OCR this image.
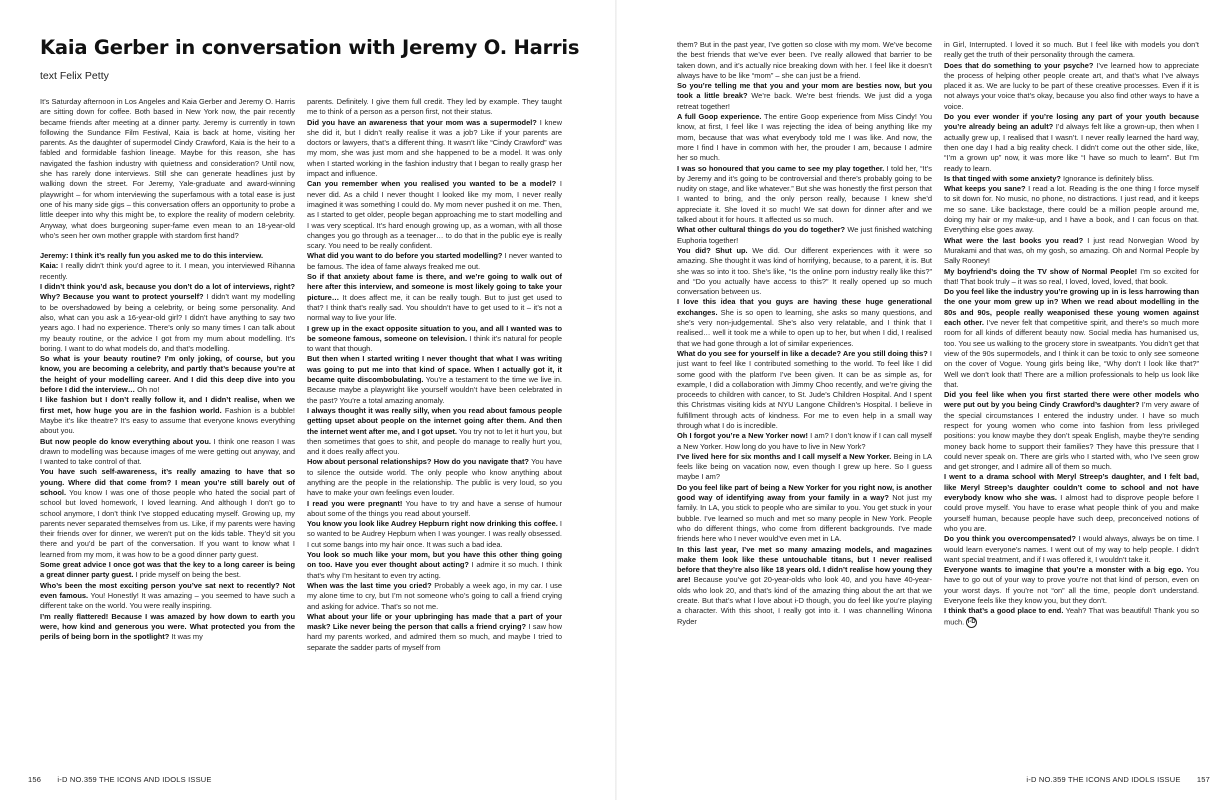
Kaia Gerber in conversation with Jeremy O. Harris
text Felix Petty

It’s Saturday afternoon in Los Angeles and Kaia Gerber and Jeremy O. Harris are sitting down for coffee. Both based in New York now, the pair recently became friends after meeting at a dinner party. Jeremy is currently in town following the Sundance Film Festival, Kaia is back at home, visiting her parents. As the daughter of supermodel Cindy Crawford, Kaia is the heir to a fabled and formidable fashion lineage. Maybe for this reason, she has navigated the fashion industry with quietness and consideration? Until now, she has rarely done interviews. Still she can generate headlines just by walking down the street. For Jeremy, Yale-graduate and award-winning playwright – for whom interviewing the superfamous with a total ease is just one of his many side gigs – this conversation offers an opportunity to probe a little deeper into why this might be, to explore the reality of modern celebrity. Anyway, what does burgeoning super-fame even mean to an 18-year-old who’s seen her own mother grapple with stardom first hand?

Jeremy: I think it’s really fun you asked me to do this interview.

Kaia: I really didn’t think you’d agree to it. I mean, you interviewed Rihanna recently.

I didn’t think you’d ask, because you don’t do a lot of interviews, right? Why? Because you want to protect yourself? I didn’t want my modelling to be overshadowed by being a celebrity, or being some personality. And also, what can you ask a 16-year-old girl? I didn’t have anything to say two years ago. I had no experience. There’s only so many times I can talk about my beauty routine, or the advice I got from my mum about modelling. It’s boring. I want to do what models do, and that’s modelling.

So what is your beauty routine? I’m only joking, of course, but you know, you are becoming a celebrity, and partly that’s because you’re at the height of your modelling career. And I did this deep dive into you before I did the interview… Oh no!

I like fashion but I don’t really follow it, and I didn’t realise, when we first met, how huge you are in the fashion world. Fashion is a bubble! Maybe it’s like theatre? It’s easy to assume that everyone knows everything about you.

But now people do know everything about you. I think one reason I was drawn to modelling was because images of me were getting out anyway, and I wanted to take control of that.

You have such self-awareness, it’s really amazing to have that so young. Where did that come from? I mean you’re still barely out of school. You know I was one of those people who hated the social part of school but loved homework, I loved learning. And although I don’t go to school anymore, I don’t think I’ve stopped educating myself. Growing up, my parents never separated themselves from us. Like, if my parents were having their friends over for dinner, we weren’t put on the kids table. They’d sit you there and you’d be part of the conversation. If you want to know what I learned from my mom, it was how to be a good dinner party guest.

Some great advice I once got was that the key to a long career is being a great dinner party guest. I pride myself on being the best.

Who’s been the most exciting person you’ve sat next to recently? Not even famous. You! Honestly! It was amazing – you seemed to have such a different take on the world. You were really inspiring.

I’m really flattered! Because I was amazed by how down to earth you were, how kind and generous you were. What protected you from the perils of being born in the spotlight? It was my

parents. Definitely. I give them full credit. They led by example. They taught me to think of a person as a person first, not their status.

Did you have an awareness that your mom was a supermodel? I knew she did it, but I didn’t really realise it was a job? Like if your parents are doctors or lawyers, that’s a different thing. It wasn’t like “Cindy Crawford” was my mom, she was just mom and she happened to be a model. It was only when I started working in the fashion industry that I began to really grasp her impact and influence.

Can you remember when you realised you wanted to be a model? I never did. As a child I never thought I looked like my mom, I never really imagined it was something I could do. My mom never pushed it on me. Then, as I started to get older, people began approaching me to start modelling and I was very sceptical. It’s hard enough growing up, as a woman, with all those changes you go through as a teenager… to do that in the public eye is really scary. You need to be really confident.

What did you want to do before you started modelling? I never wanted to be famous. The idea of fame always freaked me out.

So if that anxiety about fame is there, and we’re going to walk out of here after this interview, and someone is most likely going to take your picture… It does affect me, it can be really tough. But to just get used to that? I think that’s really sad. You shouldn’t have to get used to it – it’s not a normal way to live your life.

I grew up in the exact opposite situation to you, and all I wanted was to be someone famous, someone on television. I think it’s natural for people to want that though.

But then when I started writing I never thought that what I was writing was going to put me into that kind of space. When I actually got it, it became quite discombobulating. You’re a testament to the time we live in. Because maybe a playwright like yourself wouldn’t have been celebrated in the past? You’re a total amazing anomaly.

I always thought it was really silly, when you read about famous people getting upset about people on the internet going after them. And then the internet went after me, and I got upset. You try not to let it hurt you, but then sometimes that goes to shit, and people do manage to really hurt you, and it does really affect you.

How about personal relationships? How do you navigate that? You have to silence the outside world. The only people who know anything about anything are the people in the relationship. The public is very loud, so you have to make your own feelings even louder.

I read you were pregnant! You have to try and have a sense of humour about some of the things you read about yourself.

You know you look like Audrey Hepburn right now drinking this coffee. I so wanted to be Audrey Hepburn when I was younger. I was really obsessed. I cut some bangs into my hair once. It was such a bad idea.

You look so much like your mom, but you have this other thing going on too. Have you ever thought about acting? I admire it so much. I think that’s why I’m hesitant to even try acting.

When was the last time you cried? Probably a week ago, in my car. I use my alone time to cry, but I’m not someone who’s going to call a friend crying and asking for advice. That’s so not me.

What about your life or your upbringing has made that a part of your mask? Like never being the person that calls a friend crying? I saw how hard my parents worked, and admired them so much, and maybe I tried to separate the sadder parts of myself from

156 i-D NO.359 THE ICONS AND IDOLS ISSUE

them? But in the past year, I’ve gotten so close with my mom. We’ve become the best friends that we’ve ever been. I’ve really allowed that barrier to be taken down, and it’s actually nice breaking down with her. I feel like it doesn’t always have to be like “mom” – she can just be a friend.

So you’re telling me that you and your mom are besties now, but you took a little break? We’re back. We’re best friends. We just did a yoga retreat together!

A full Goop experience. The entire Goop experience from Miss Cindy! You know, at first, I feel like I was rejecting the idea of being anything like my mom, because that was what everybody told me I was like. And now, the more I find I have in common with her, the prouder I am, because I admire her so much.

I was so honoured that you came to see my play together. I told her, “It’s by Jeremy and it’s going to be controversial and there’s probably going to be nudity on stage, and like whatever.” But she was honestly the first person that I wanted to bring, and the only person really, because I knew she’d appreciate it. She loved it so much! We sat down for dinner after and we talked about it for hours. It affected us so much.

What other cultural things do you do together? We just finished watching Euphoria together!

You did? Shut up. We did. Our different experiences with it were so amazing. She thought it was kind of horrifying, because, to a parent, it is. But she was so into it too. She’s like, “Is the online porn industry really like this?” and “Do you actually have access to this?” It really opened up so much conversation between us.

I love this idea that you guys are having these huge generational exchanges. She is so open to learning, she asks so many questions, and she’s very non-judgemental. She’s also very relatable, and I think that I realised… well it took me a while to open up to her, but when I did, I realised that we had gone through a lot of similar experiences.

What do you see for yourself in like a decade? Are you still doing this? I just want to feel like I contributed something to the world. To feel like I did some good with the platform I’ve been given. It can be as simple as, for example, I did a collaboration with Jimmy Choo recently, and we’re giving the proceeds to children with cancer, to St. Jude’s Children Hospital. And I spent this Christmas visiting kids at NYU Langone Children’s Hospital. I believe in fulfillment through acts of kindness. For me to even help in a small way through what I do is incredible.

Oh I forgot you’re a New Yorker now! I am? I don’t know if I can call myself a New Yorker. How long do you have to live in New York?

I’ve lived here for six months and I call myself a New Yorker. Being in LA feels like being on vacation now, even though I grew up here. So I guess maybe I am?

Do you feel like part of being a New Yorker for you right now, is another good way of identifying away from your family in a way? Not just my family. In LA, you stick to people who are similar to you. You get stuck in your bubble. I’ve learned so much and met so many people in New York. People who do different things, who come from different backgrounds. I’ve made friends here who I never would’ve even met in LA.

In this last year, I’ve met so many amazing models, and magazines make them look like these untouchable titans, but I never realised before that they’re also like 18 years old. I didn’t realise how young they are! Because you’ve got 20-year-olds who look 40, and you have 40-year-olds who look 20, and that’s kind of the amazing thing about the art that we create. But that’s what I love about i-D though, you do feel like you’re playing a character. With this shoot, I really got into it. I was channelling Winona Ryder

in Girl, Interrupted. I loved it so much. But I feel like with models you don’t really get the truth of their personality through the camera.

Does that do something to your psyche? I’ve learned how to appreciate the process of helping other people create art, and that’s what I’ve always placed it as. We are lucky to be part of these creative processes. Even if it is not always your voice that’s okay, because you also find other ways to have a voice.

Do you ever wonder if you’re losing any part of your youth because you’re already being an adult? I’d always felt like a grown-up, then when I actually grew up, I realised that I wasn’t. I never really learned the hard way, then one day I had a big reality check. I didn’t come out the other side, like, “I’m a grown up” now, it was more like “I have so much to learn”. But I’m ready to learn.

Is that tinged with some anxiety? Ignorance is definitely bliss.

What keeps you sane? I read a lot. Reading is the one thing I force myself to sit down for. No music, no phone, no distractions. I just read, and it keeps me so sane. Like backstage, there could be a million people around me, doing my hair or my make-up, and I have a book, and I can focus on that. Everything else goes away.

What were the last books you read? I just read Norwegian Wood by Murakami and that was, oh my gosh, so amazing. Oh and Normal People by Sally Rooney!

My boyfriend’s doing the TV show of Normal People! I’m so excited for that! That book truly – it was so real, I loved, loved, loved, that book.

Do you feel like the industry you’re growing up in is less harrowing than the one your mom grew up in? When we read about modelling in the 80s and 90s, people really weaponised these young women against each other. I’ve never felt that competitive spirit, and there’s so much more room for all kinds of different beauty now. Social media has humanised us, too. You see us walking to the grocery store in sweatpants. You didn’t get that view of the 90s supermodels, and I think it can be toxic to only see someone on the cover of Vogue. Young girls being like, “Why don’t I look like that?” Well we don’t look that! There are a million professionals to help us look like that.

Did you feel like when you first started there were other models who were put out by you being Cindy Crawford’s daughter? I’m very aware of the special circumstances I entered the industry under. I have so much respect for young women who come into fashion from less privileged positions: you know maybe they don’t speak English, maybe they’re sending money back home to support their families? They have this pressure that I could never speak on. There are girls who I started with, who I’ve seen grow and get stronger, and I admire all of them so much.

I went to a drama school with Meryl Streep’s daughter, and I felt bad, like Meryl Streep’s daughter couldn’t come to school and not have everybody know who she was. I almost had to disprove people before I could prove myself. You have to erase what people think of you and make yourself human, because people have such deep, preconceived notions of who you are.

Do you think you overcompensated? I would always, always be on time. I would learn everyone’s names. I went out of my way to help people. I didn’t want special treatment, and if I was offered it, I wouldn’t take it.

Everyone wants to imagine that you’re a monster with a big ego. You have to go out of your way to prove you’re not that kind of person, even on your worst days. If you’re not “on” all the time, people don’t understand. Everyone feels like they know you, but they don’t.

I think that’s a good place to end. Yeah? That was beautiful! Thank you so much. i-D

i-D NO.359 THE ICONS AND IDOLS ISSUE 157
